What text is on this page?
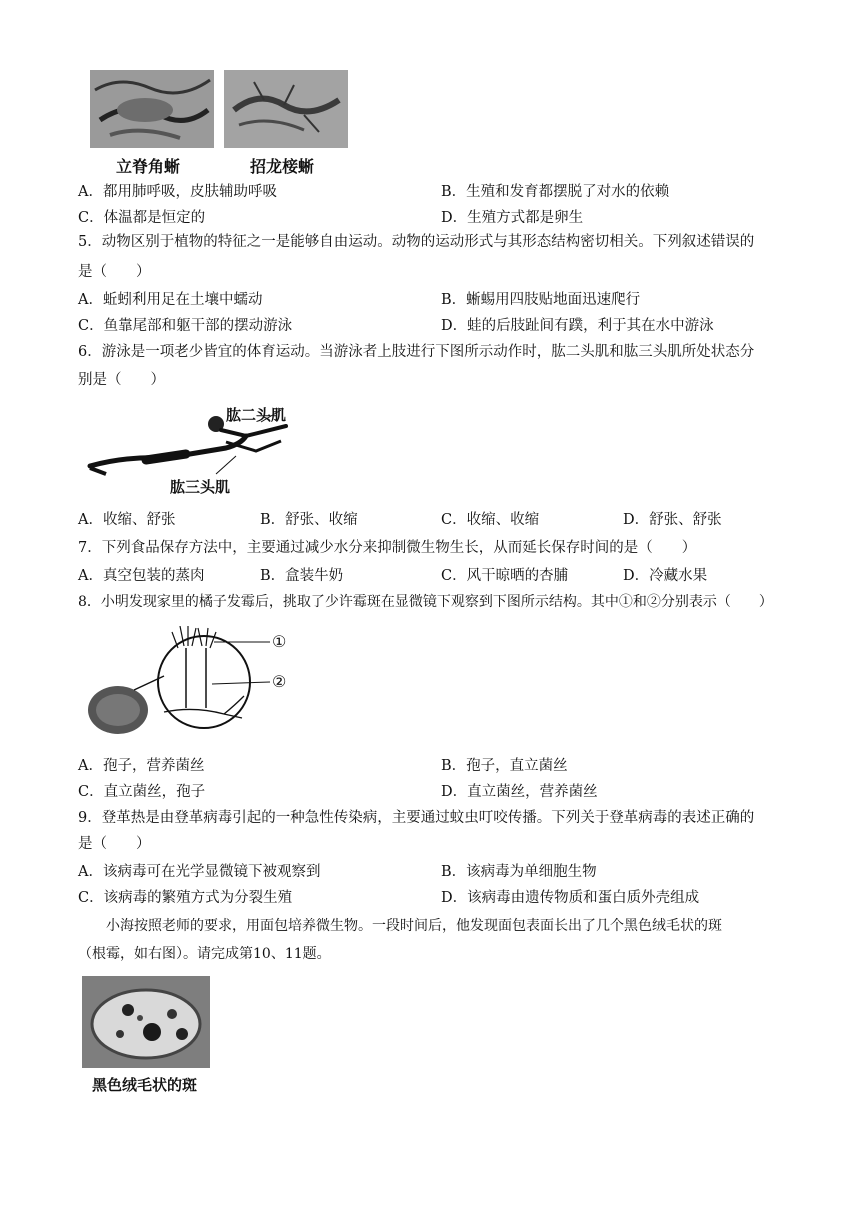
立脊角蜥	招龙椄蜥
A．都用肺呼吸，皮肤辅助呼吸	B．生殖和发育都摆脱了对水的依赖
C．体温都是恒定的	D．生殖方式都是卵生
5．动物区别于植物的特征之一是能够自由运动。动物的运动形式与其形态结构密切相关。下列叙述错误的
是（　　）
A．蚯蚓利用足在土壤中蠕动	B．蜥蜴用四肢贴地面迅速爬行
C．鱼靠尾部和躯干部的摆动游泳	D．蛙的后肢趾间有蹼，利于其在水中游泳
6．游泳是一项老少皆宜的体育运动。当游泳者上肢进行下图所示动作时，肱二头肌和肱三头肌所处状态分
别是（　　）
肱二头肌
肱三头肌
A．收缩、舒张	B．舒张、收缩	C．收缩、收缩	D．舒张、舒张
7．下列食品保存方法中，主要通过减少水分来抑制微生物生长，从而延长保存时间的是（　　）
A．真空包装的蒸肉	B．盒装牛奶	C．风干晾晒的杏脯	D．冷藏水果
8．小明发现家里的橘子发霉后，挑取了少许霉斑在显微镜下观察到下图所示结构。其中①和②分别表示（　　）
①
②
A．孢子，营养菌丝	B．孢子，直立菌丝
C．直立菌丝，孢子	D．直立菌丝，营养菌丝
9．登革热是由登革病毒引起的一种急性传染病，主要通过蚊虫叮咬传播。下列关于登革病毒的表述正确的
是（　　）
A．该病毒可在光学显微镜下被观察到	B．该病毒为单细胞生物
C．该病毒的繁殖方式为分裂生殖	D．该病毒由遗传物质和蛋白质外壳组成
小海按照老师的要求，用面包培养微生物。一段时间后，他发现面包表面长出了几个黑色绒毛状的斑
（根霉，如右图）。请完成第10、11题。
黑色绒毛状的斑
